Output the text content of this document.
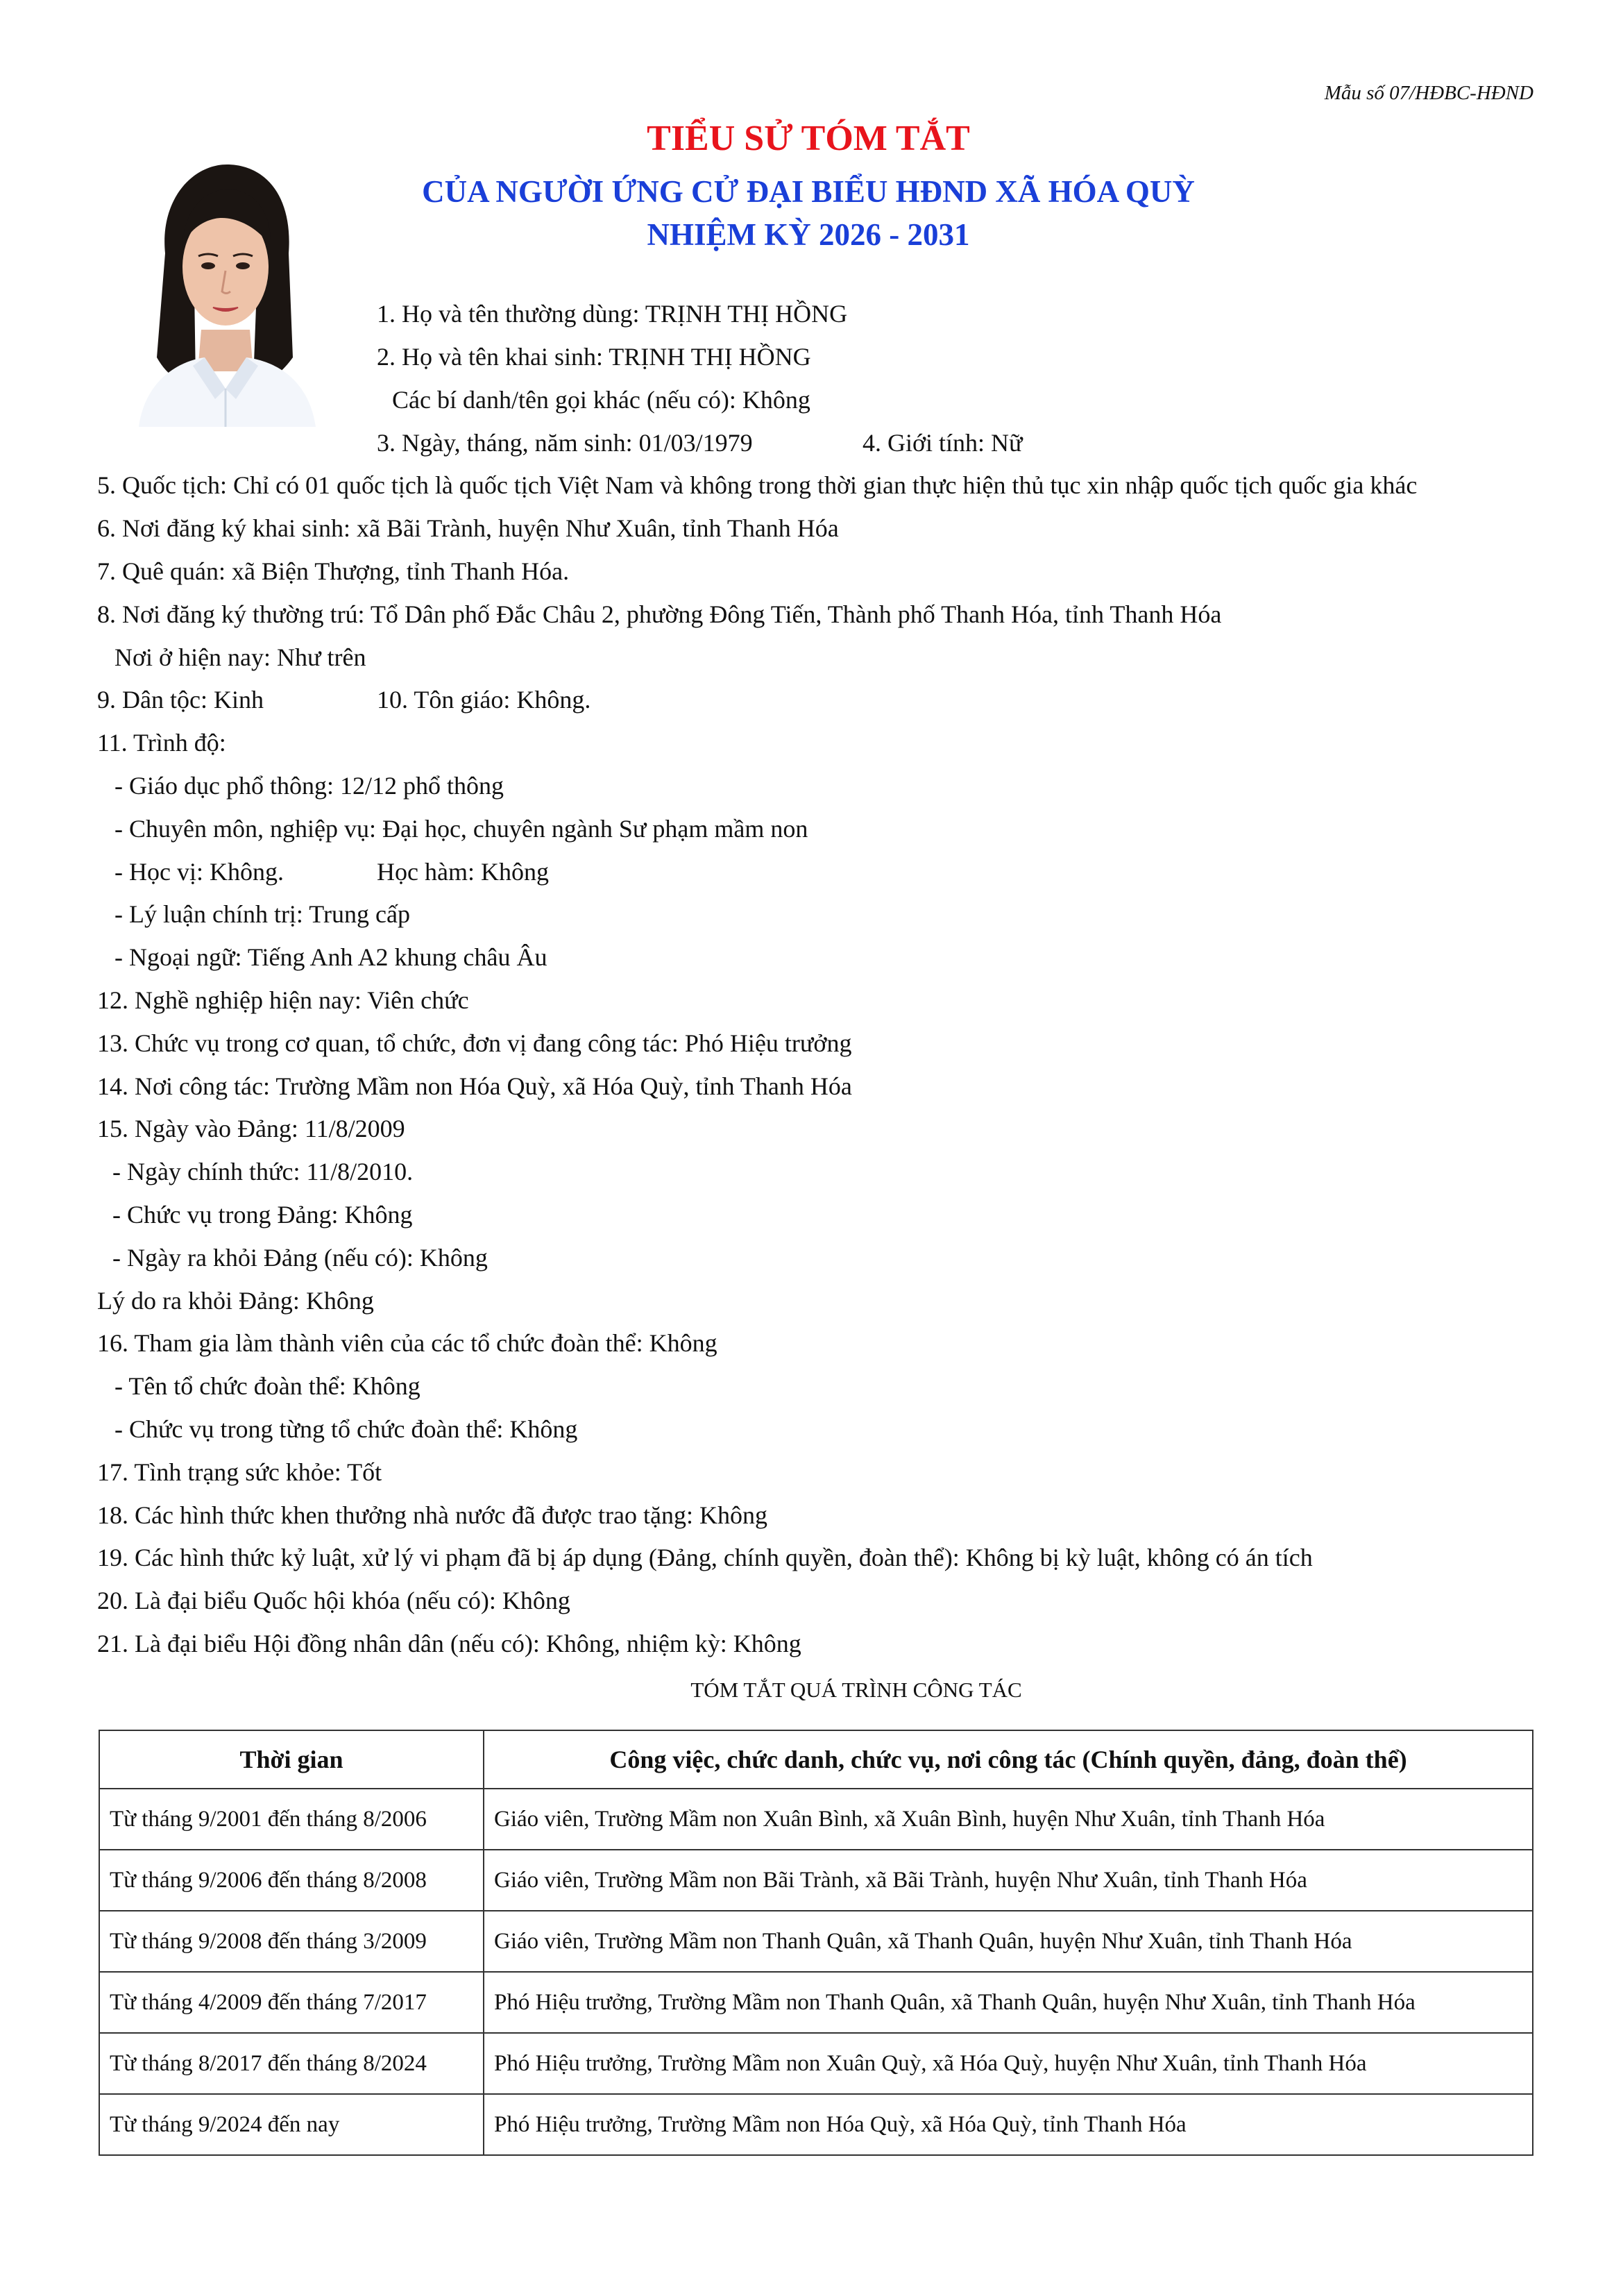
Mẫu số 07/HĐBC-HĐND
TIỂU SỬ TÓM TẮT
CỦA NGƯỜI ỨNG CỬ ĐẠI BIỂU HĐND XÃ HÓA QUỲ
NHIỆM KỲ 2026 - 2031
1. Họ và tên thường dùng: TRỊNH THỊ HỒNG
2. Họ và tên khai sinh: TRỊNH THỊ HỒNG
Các bí danh/tên gọi khác (nếu có): Không
3. Ngày, tháng, năm sinh: 01/03/1979	4. Giới tính: Nữ
5. Quốc tịch: Chỉ có 01 quốc tịch là quốc tịch Việt Nam và không trong thời gian thực hiện thủ tục xin nhập quốc tịch quốc gia khác
6. Nơi đăng ký khai sinh: xã Bãi Trành, huyện Như Xuân, tỉnh Thanh Hóa
7. Quê quán: xã Biện Thượng, tỉnh Thanh Hóa.
8. Nơi đăng ký thường trú: Tổ Dân phố Đắc Châu 2, phường Đông Tiến, Thành phố Thanh Hóa, tỉnh Thanh Hóa
Nơi ở hiện nay: Như trên
9. Dân tộc: Kinh	10. Tôn giáo: Không.
11. Trình độ:
- Giáo dục phổ thông: 12/12 phổ thông
- Chuyên môn, nghiệp vụ: Đại học, chuyên ngành Sư phạm mầm non
- Học vị: Không.	Học hàm: Không
- Lý luận chính trị: Trung cấp
- Ngoại ngữ: Tiếng Anh A2 khung châu Âu
12. Nghề nghiệp hiện nay: Viên chức
13. Chức vụ trong cơ quan, tổ chức, đơn vị đang công tác: Phó Hiệu trưởng
14. Nơi công tác: Trường Mầm non Hóa Quỳ, xã Hóa Quỳ, tỉnh Thanh Hóa
15. Ngày vào Đảng: 11/8/2009
- Ngày chính thức: 11/8/2010.
- Chức vụ trong Đảng: Không
- Ngày ra khỏi Đảng (nếu có): Không
Lý do ra khỏi Đảng: Không
16. Tham gia làm thành viên của các tổ chức đoàn thể: Không
- Tên tổ chức đoàn thể: Không
- Chức vụ trong từng tổ chức đoàn thể: Không
17. Tình trạng sức khỏe: Tốt
18. Các hình thức khen thưởng nhà nước đã được trao tặng: Không
19. Các hình thức kỷ luật, xử lý vi phạm đã bị áp dụng (Đảng, chính quyền, đoàn thể): Không bị kỳ luật, không có án tích
20. Là đại biểu Quốc hội khóa (nếu có): Không
21. Là đại biểu Hội đồng nhân dân (nếu có): Không, nhiệm kỳ: Không
TÓM TẮT QUÁ TRÌNH CÔNG TÁC
Thời gian	Công việc, chức danh, chức vụ, nơi công tác (Chính quyền, đảng, đoàn thể)
Từ tháng 9/2001 đến tháng 8/2006	Giáo viên, Trường Mầm non Xuân Bình, xã Xuân Bình, huyện Như Xuân, tỉnh Thanh Hóa
Từ tháng 9/2006 đến tháng 8/2008	Giáo viên, Trường Mầm non Bãi Trành, xã Bãi Trành, huyện Như Xuân, tỉnh Thanh Hóa
Từ tháng 9/2008 đến tháng 3/2009	Giáo viên, Trường Mầm non Thanh Quân, xã Thanh Quân, huyện Như Xuân, tỉnh Thanh Hóa
Từ tháng 4/2009 đến tháng 7/2017	Phó Hiệu trưởng, Trường Mầm non Thanh Quân, xã Thanh Quân, huyện Như Xuân, tỉnh Thanh Hóa
Từ tháng 8/2017 đến tháng 8/2024	Phó Hiệu trưởng, Trường Mầm non Xuân Quỳ, xã Hóa Quỳ, huyện Như Xuân, tỉnh Thanh Hóa
Từ tháng 9/2024 đến nay	Phó Hiệu trưởng, Trường Mầm non Hóa Quỳ, xã Hóa Quỳ, tỉnh Thanh Hóa
